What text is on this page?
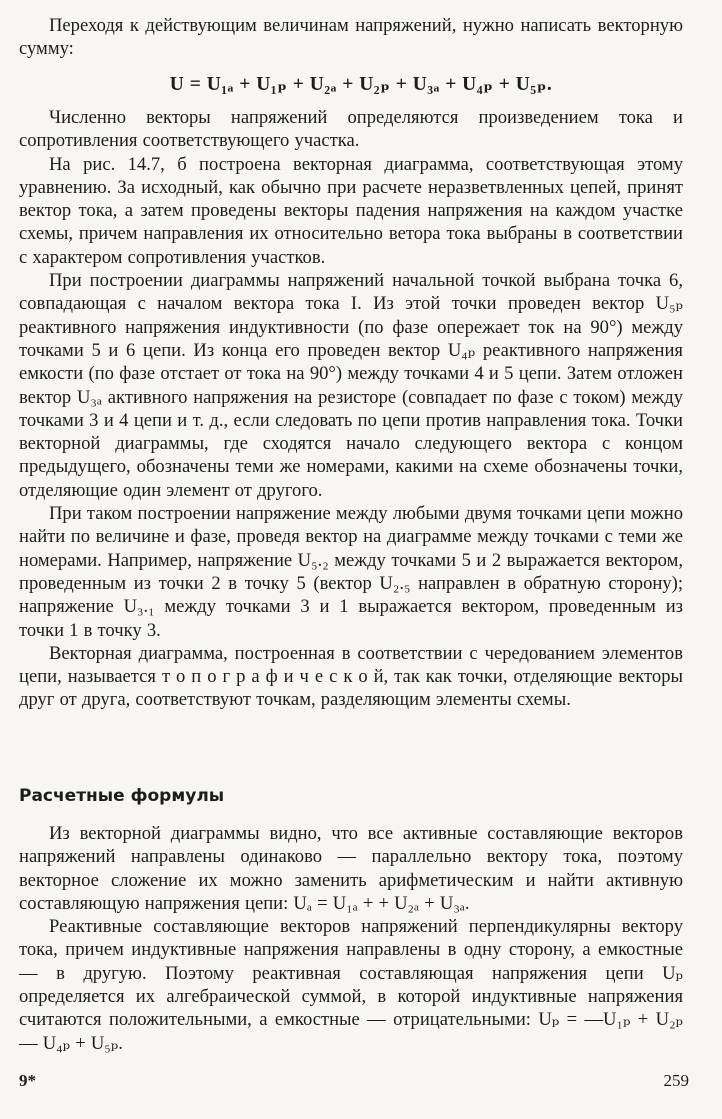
Переходя к действующим величинам напряжений, нужно написать векторную сумму:

U = U₁ₐ + U₁ₚ + U₂ₐ + U₂ₚ + U₃ₐ + U₄ₚ + U₅ₚ.

Численно векторы напряжений определяются произведением тока и сопротивления соответствующего участка.

На рис. 14.7, б построена векторная диаграмма, соответствующая этому уравнению. За исходный, как обычно при расчете неразветвленных цепей, принят вектор тока, а затем проведены векторы падения напряжения на каждом участке схемы, причем направления их относительно ветора тока выбраны в соответствии с характером сопротивления участков.

При построении диаграммы напряжений начальной точкой выбрана точка 6, совпадающая с началом вектора тока I. Из этой точки проведен вектор U₅ₚ реактивного напряжения индуктивности (по фазе опережает ток на 90°) между точками 5 и 6 цепи. Из конца его проведен вектор U₄ₚ реактивного напряжения емкости (по фазе отстает от тока на 90°) между точками 4 и 5 цепи. Затем отложен вектор U₃ₐ активного напряжения на резисторе (совпадает по фазе с током) между точками 3 и 4 цепи и т. д., если следовать по цепи против направления тока. Точки векторной диаграммы, где сходятся начало следующего вектора с концом предыдущего, обозначены теми же номерами, какими на схеме обозначены точки, отделяющие один элемент от другого.

При таком построении напряжение между любыми двумя точками цепи можно найти по величине и фазе, проведя вектор на диаграмме между точками с теми же номерами. Например, напряжение U₅.₂ между точками 5 и 2 выражается вектором, проведенным из точки 2 в точку 5 (вектор U₂.₅ направлен в обратную сторону); напряжение U₃.₁ между точками 3 и 1 выражается вектором, проведенным из точки 1 в точку 3.

Векторная диаграмма, построенная в соответствии с чередованием элементов цепи, называется т о п о г р а ф и ч е с к о й, так как точки, отделяющие векторы друг от друга, соответствуют точкам, разделяющим элементы схемы.

Расчетные формулы

Из векторной диаграммы видно, что все активные составляющие векторов напряжений направлены одинаково — параллельно вектору тока, поэтому векторное сложение их можно заменить арифметическим и найти активную составляющую напряжения цепи: Uₐ = U₁ₐ + + U₂ₐ + U₃ₐ.

Реактивные составляющие векторов напряжений перпендикулярны вектору тока, причем индуктивные напряжения направлены в одну сторону, а емкостные — в другую. Поэтому реактивная составляющая напряжения цепи Uₚ определяется их алгебраической суммой, в которой индуктивные напряжения считаются положительными, а емкостные — отрицательными: Uₚ = —U₁ₚ + U₂ₚ — U₄ₚ + U₅ₚ.

9*	259
